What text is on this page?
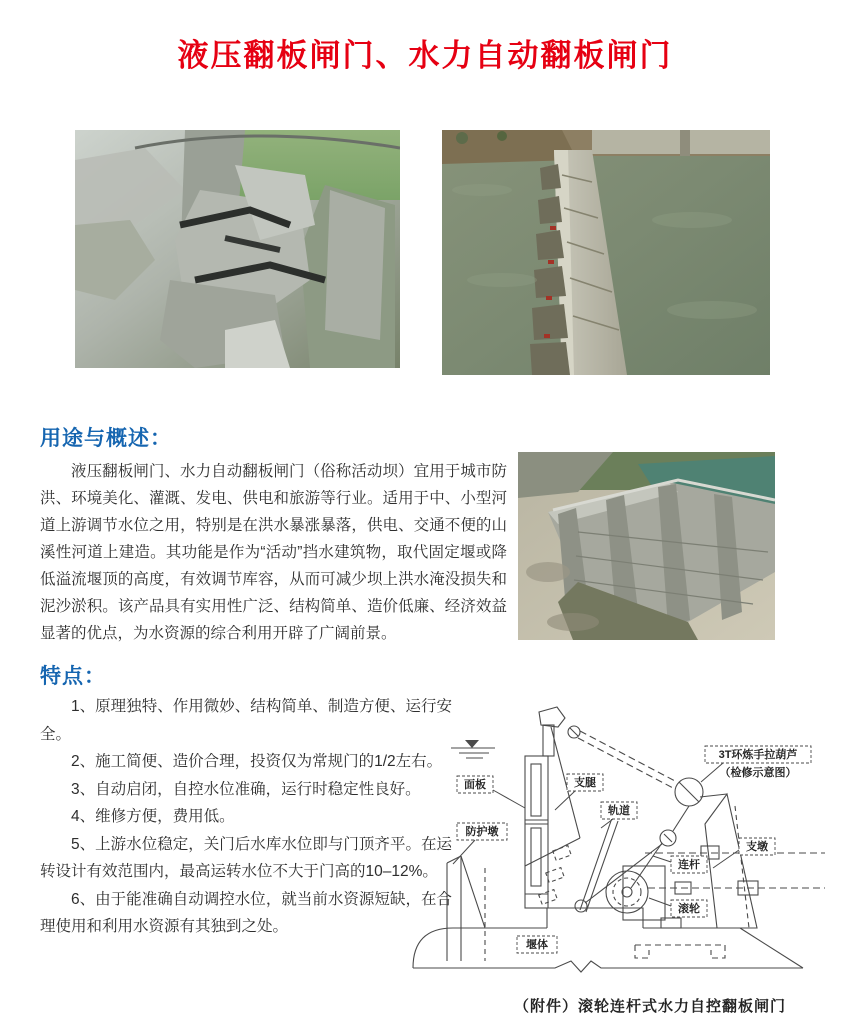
液压翻板闸门、水力自动翻板闸门
用途与概述：
液压翻板闸门、水力自动翻板闸门（俗称活动坝）宜用于城市防洪、环境美化、灌溉、发电、供电和旅游等行业。适用于中、小型河道上游调节水位之用，特别是在洪水暴涨暴落，供电、交通不便的山溪性河道上建造。其功能是作为“活动”挡水建筑物，取代固定堰或降低溢流堰顶的高度，有效调节库容，从而可减少坝上洪水淹没损失和泥沙淤积。该产品具有实用性广泛、结构简单、造价低廉、经济效益显著的优点，为水资源的综合利用开辟了广阔前景。
特点：

1、原理独特、作用微妙、结构简单、制造方便、运行安全。

2、施工简便、造价合理，投资仅为常规门的1/2左右。

3、自动启闭，自控水位准确，运行时稳定性良好。

4、维修方便，费用低。

5、上游水位稳定，关门后水库水位即与门顶齐平。在运转设计有效范围内，最高运转水位不大于门高的10–12%。

6、由于能准确自动调控水位，就当前水资源短缺，在合理使用和利用水资源有其独到之处。

面板
防护墩
支腿
轨道
3T环炼手拉葫芦
（检修示意图）
连杆
支墩
滚轮
堰体
（附件）滚轮连杆式水力自控翻板闸门
